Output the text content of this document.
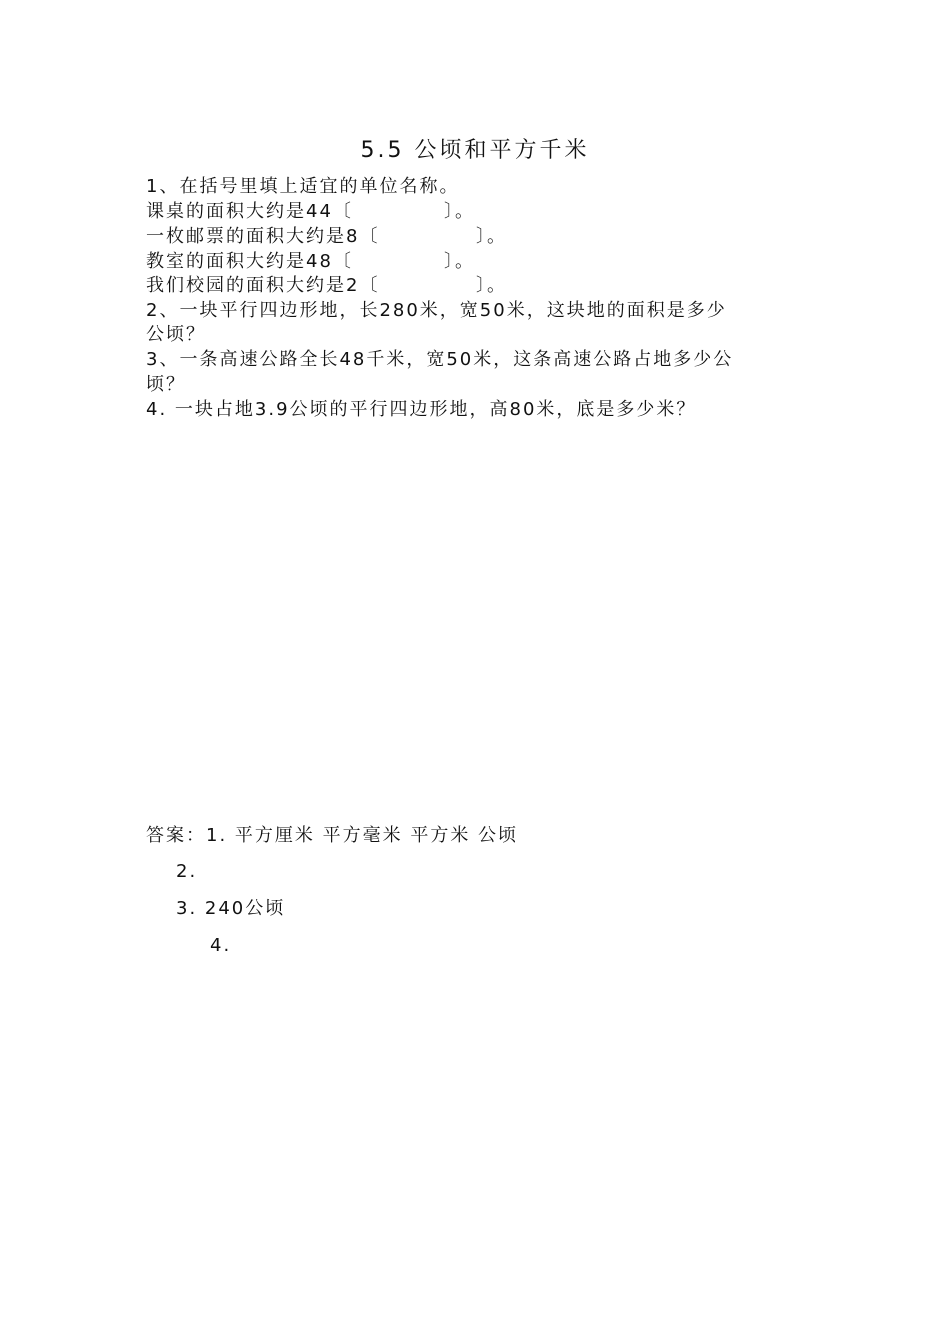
5.5 公顷和平方千米
1、在括号里填上适宜的单位名称。
课桌的面积大约是44〔	〕。
一枚邮票的面积大约是8〔	〕。
教室的面积大约是48〔	〕。
我们校园的面积大约是2〔	〕。
2、一块平行四边形地，长280米，宽50米，这块地的面积是多少
公顷？
3、一条高速公路全长48千米，宽50米，这条高速公路占地多少公
顷？
4. 一块占地3.9公顷的平行四边形地，高80米，底是多少米？
答案：1. 平方厘米 平方毫米 平方米 公顷
2.
3. 240公顷
4.
